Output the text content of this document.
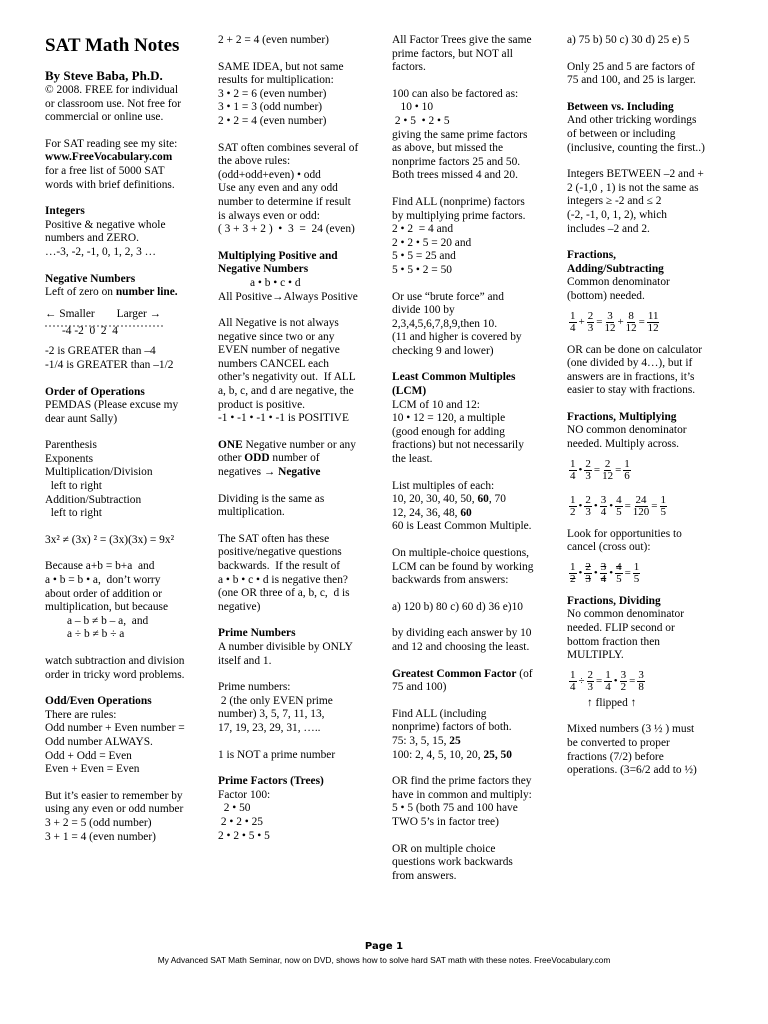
SAT Math Notes
By Steve Baba, Ph.D.
© 2008. FREE for individual
or classroom use. Not free for
commercial or online use.
For SAT reading see my site:
www.FreeVocabulary.com
for a free list of 5000 SAT
words with brief definitions.
Integers
Positive & negative whole
numbers and ZERO.
…-3, -2, -1, 0, 1, 2, 3 …
Negative Numbers
Left of zero on number line.
← Smaller Larger →
-4 -2  0  2  4
-2 is GREATER than –4
-1/4 is GREATER than –1/2
Order of Operations
PEMDAS (Please excuse my
dear aunt Sally)
Parenthesis
Exponents
Multiplication/Division
left to right
Addition/Subtraction
left to right
3x² ≠ (3x) ² = (3x)(3x) = 9x²
Because a+b = b+a  and
a • b = b • a,  don’t worry
about order of addition or
multiplication, but because
a – b ≠ b – a,  and
a ÷ b ≠ b ÷ a
watch subtraction and division
order in tricky word problems.
Odd/Even Operations
There are rules:
Odd number + Even number =
Odd number ALWAYS.
Odd + Odd = Even
Even + Even = Even
But it’s easier to remember by
using any even or odd number
3 + 2 = 5 (odd number)
3 + 1 = 4 (even number)
2 + 2 = 4 (even number)
SAME IDEA, but not same
results for multiplication:
3 • 2 = 6 (even number)
3 • 1 = 3 (odd number)
2 • 2 = 4 (even number)
SAT often combines several of
the above rules:
(odd+odd+even) • odd
Use any even and any odd
number to determine if result
is always even or odd:
( 3 + 3 + 2 )  •  3  =  24 (even)
Multiplying Positive and
Negative Numbers
a • b • c • d
All Positive→Always Positive
All Negative is not always
negative since two or any
EVEN number of negative
numbers CANCEL each
other’s negativity out.  If ALL
a, b, c, and d are negative, the
product is positive.
-1 • -1 • -1 • -1 is POSITIVE
ONE Negative number or any
other ODD number of
negatives → Negative
Dividing is the same as
multiplication.
The SAT often has these
positive/negative questions
backwards.  If the result of
a • b • c • d is negative then?
(one OR three of a, b, c,  d is
negative)
Prime Numbers
A number divisible by ONLY
itself and 1.
Prime numbers:
2 (the only EVEN prime
number) 3, 5, 7, 11, 13,
17, 19, 23, 29, 31, …..
1 is NOT a prime number
Prime Factors (Trees)
Factor 100:
2 • 50
2 • 2 • 25
2 • 2 • 5 • 5
All Factor Trees give the same
prime factors, but NOT all
factors.
100 can also be factored as:
10 • 10
2 • 5  • 2 • 5
giving the same prime factors
as above, but missed the
nonprime factors 25 and 50.
Both trees missed 4 and 20.
Find ALL (nonprime) factors
by multiplying prime factors.
2 • 2  = 4 and
2 • 2 • 5 = 20 and
5 • 5 = 25 and
5 • 5 • 2 = 50
Or use “brute force” and
divide 100 by
2,3,4,5,6,7,8,9,then 10.
(11 and higher is covered by
checking 9 and lower)
Least Common Multiples
(LCM)
LCM of 10 and 12:
10 • 12 = 120, a multiple
(good enough for adding
fractions) but not necessarily
the least.
List multiples of each:
10, 20, 30, 40, 50, 60, 70
12, 24, 36, 48, 60
60 is Least Common Multiple.
On multiple-choice questions,
LCM can be found by working
backwards from answers:
a) 120 b) 80 c) 60 d) 36 e)10
by dividing each answer by 10
and 12 and choosing the least.
Greatest Common Factor (of
75 and 100)
Find ALL (including
nonprime) factors of both.
75: 3, 5, 15, 25
100: 2, 4, 5, 10, 20, 25, 50
OR find the prime factors they
have in common and multiply:
5 • 5 (both 75 and 100 have
TWO 5’s in factor tree)
OR on multiple choice
questions work backwards
from answers.
a) 75 b) 50 c) 30 d) 25 e) 5
Only 25 and 5 are factors of
75 and 100, and 25 is larger.
Between vs. Including
And other tricking wordings
of between or including
(inclusive, counting the first..)
Integers BETWEEN –2 and +
2 (-1,0 , 1) is not the same as
integers ≥ -2 and ≤ 2
(-2, -1, 0, 1, 2), which
includes –2 and 2.
Fractions,
Adding/Subtracting
Common denominator
(bottom) needed.
$\frac{1}{4} + \frac{2}{3} = \frac{3}{12} + \frac{8}{12} = \frac{11}{12}$
OR can be done on calculator
(one divided by 4…), but if
answers are in fractions, it’s
easier to stay with fractions.
Fractions, Multiplying
NO common denominator
needed. Multiply across.
$\frac{1}{4}$ • $\frac{2}{3} = \frac{2}{12} = \frac{1}{6}$
$\frac{1}{2}$ • $\frac{2}{3}$ • $\frac{3}{4}$ • $\frac{4}{5} = \frac{24}{120} = \frac{1}{5}$
Look for opportunities to
cancel (cross out):
$\frac{1}{2}$ • $\frac{2}{3}$ • $\frac{3}{4}$ • $\frac{4}{5} = \frac{1}{5}$
Fractions, Dividing
No common denominator
needed. FLIP second or
bottom fraction then
MULTIPLY.
$\frac{1}{4} \div \frac{2}{3} = \frac{1}{4}$ • $\frac{3}{2} = \frac{3}{8}$
↑ flipped ↑
Mixed numbers (3 ½ ) must
be converted to proper
fractions (7/2) before
operations. (3=6/2 add to ½)
Page 1
My Advanced SAT Math Seminar, now on DVD, shows how to solve hard SAT math with these notes. FreeVocabulary.com
